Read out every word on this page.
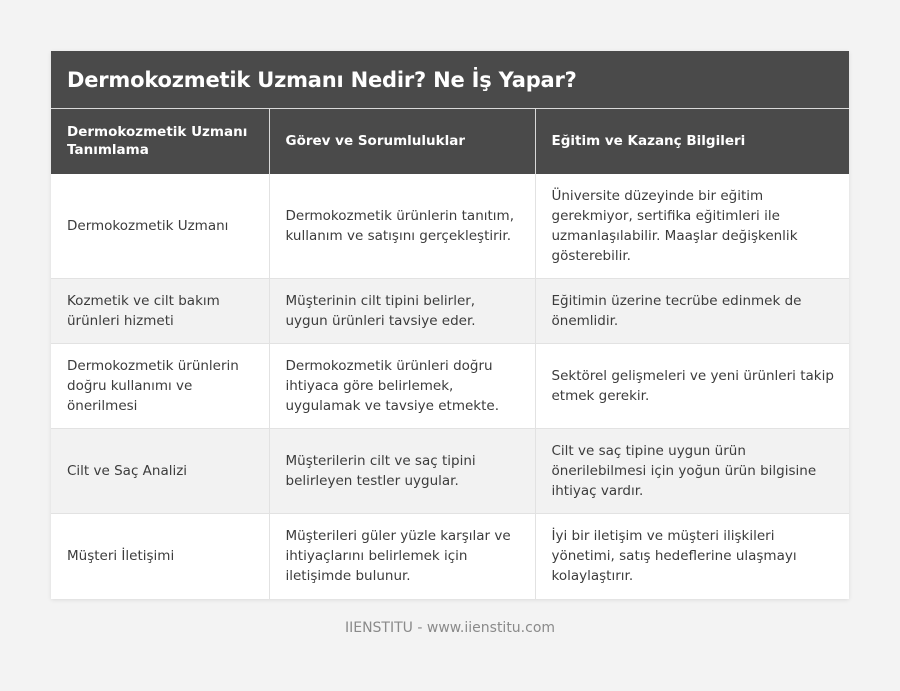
Dermokozmetik Uzmanı Nedir? Ne İş Yapar?
Dermokozmetik Uzmanı Tanımlama	Görev ve Sorumluluklar	Eğitim ve Kazanç Bilgileri
Dermokozmetik Uzmanı	Dermokozmetik ürünlerin tanıtım, kullanım ve satışını gerçekleştirir.	Üniversite düzeyinde bir eğitim gerekmiyor, sertifika eğitimleri ile uzmanlaşılabilir. Maaşlar değişkenlik gösterebilir.
Kozmetik ve cilt bakım ürünleri hizmeti	Müşterinin cilt tipini belirler, uygun ürünleri tavsiye eder.	Eğitimin üzerine tecrübe edinmek de önemlidir.
Dermokozmetik ürünlerin doğru kullanımı ve önerilmesi	Dermokozmetik ürünleri doğru ihtiyaca göre belirlemek, uygulamak ve tavsiye etmekte.	Sektörel gelişmeleri ve yeni ürünleri takip etmek gerekir.
Cilt ve Saç Analizi	Müşterilerin cilt ve saç tipini belirleyen testler uygular.	Cilt ve saç tipine uygun ürün önerilebilmesi için yoğun ürün bilgisine ihtiyaç vardır.
Müşteri İletişimi	Müşterileri güler yüzle karşılar ve ihtiyaçlarını belirlemek için iletişimde bulunur.	İyi bir iletişim ve müşteri ilişkileri yönetimi, satış hedeflerine ulaşmayı kolaylaştırır.
IIENSTITU - www.iienstitu.com
